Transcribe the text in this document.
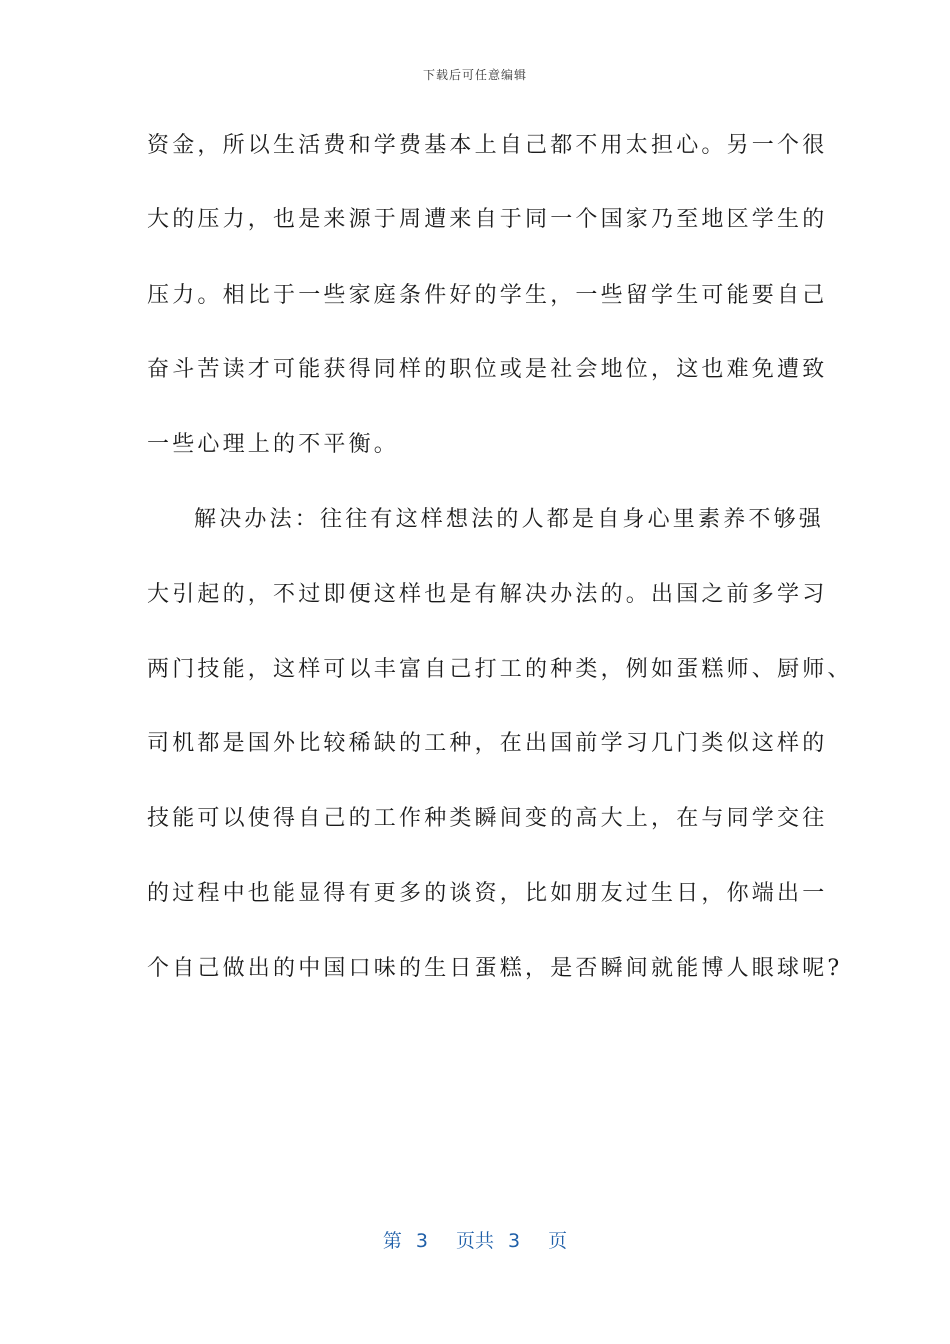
下载后可任意编辑
资金，所以生活费和学费基本上自己都不用太担心。另一个很
大的压力，也是来源于周遭来自于同一个国家乃至地区学生的
压力。相比于一些家庭条件好的学生，一些留学生可能要自己
奋斗苦读才可能获得同样的职位或是社会地位，这也难免遭致
一些心理上的不平衡。
解决办法：往往有这样想法的人都是自身心里素养不够强
大引起的，不过即便这样也是有解决办法的。出国之前多学习
两门技能，这样可以丰富自己打工的种类，例如蛋糕师、厨师、
司机都是国外比较稀缺的工种，在出国前学习几门类似这样的
技能可以使得自己的工作种类瞬间变的高大上，在与同学交往
的过程中也能显得有更多的谈资，比如朋友过生日，你端出一
个自己做出的中国口味的生日蛋糕，是否瞬间就能博人眼球呢?
第 3 页共 3 页
